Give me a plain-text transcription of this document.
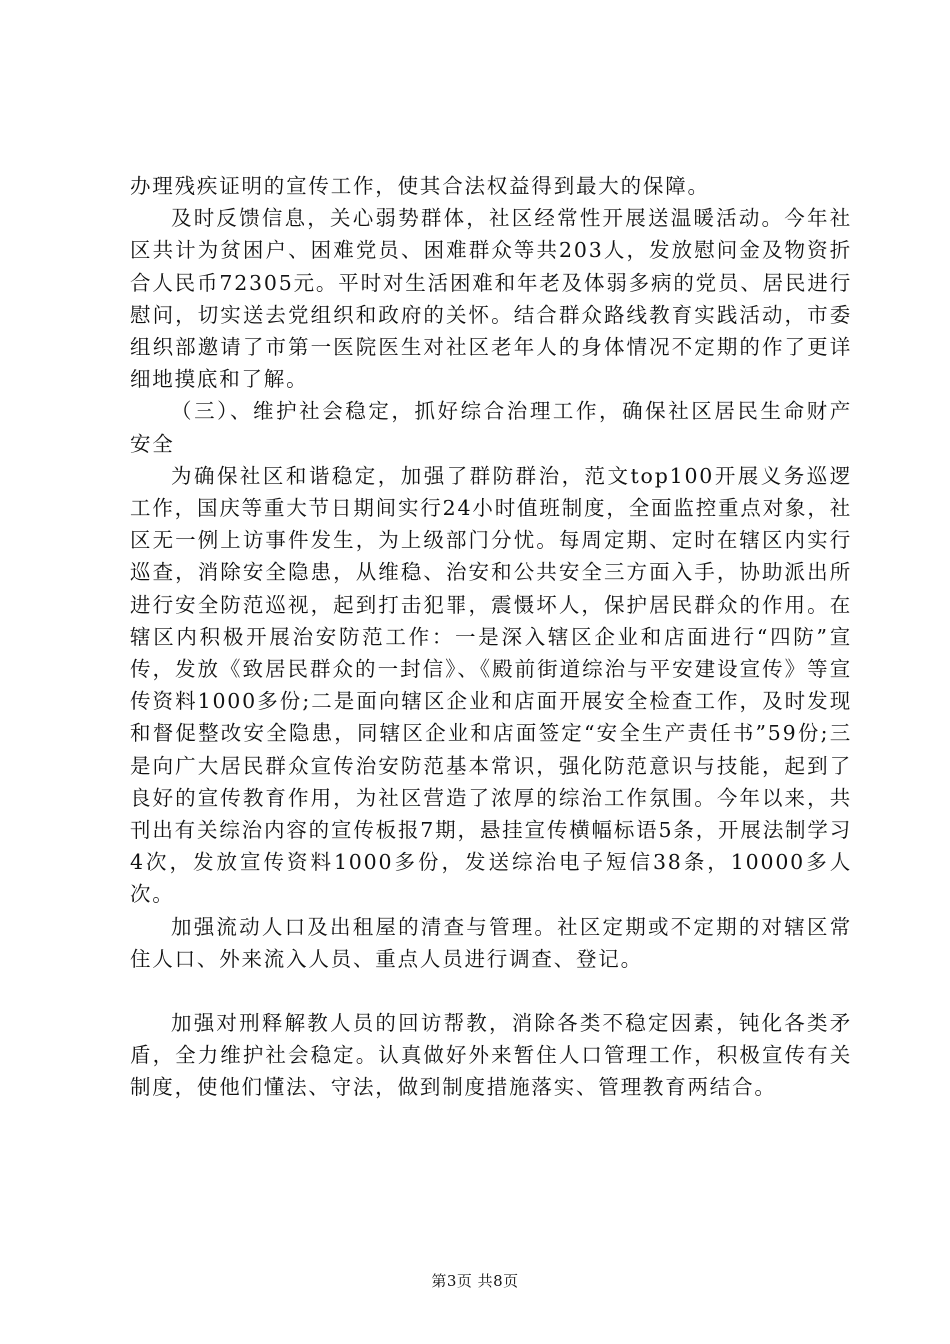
办理残疾证明的宣传工作，使其合法权益得到最大的保障。

及时反馈信息，关心弱势群体，社区经常性开展送温暖活动。今年社区共计为贫困户、困难党员、困难群众等共203人，发放慰问金及物资折合人民币72305元。平时对生活困难和年老及体弱多病的党员、居民进行慰问，切实送去党组织和政府的关怀。结合群众路线教育实践活动，市委组织部邀请了市第一医院医生对社区老年人的身体情况不定期的作了更详细地摸底和了解。

（三）、维护社会稳定，抓好综合治理工作，确保社区居民生命财产安全

为确保社区和谐稳定，加强了群防群治，范文top100开展义务巡逻工作，国庆等重大节日期间实行24小时值班制度，全面监控重点对象，社区无一例上访事件发生，为上级部门分忧。每周定期、定时在辖区内实行巡查，消除安全隐患，从维稳、治安和公共安全三方面入手，协助派出所进行安全防范巡视，起到打击犯罪，震慑坏人，保护居民群众的作用。在辖区内积极开展治安防范工作：一是深入辖区企业和店面进行“四防”宣传，发放《致居民群众的一封信》、《殿前街道综治与平安建设宣传》等宣传资料1000多份;二是面向辖区企业和店面开展安全检查工作，及时发现和督促整改安全隐患，同辖区企业和店面签定“安全生产责任书”59份;三是向广大居民群众宣传治安防范基本常识，强化防范意识与技能，起到了良好的宣传教育作用，为社区营造了浓厚的综治工作氛围。今年以来，共刊出有关综治内容的宣传板报7期，悬挂宣传横幅标语5条，开展法制学习4次，发放宣传资料1000多份，发送综治电子短信38条，10000多人次。

加强流动人口及出租屋的清查与管理。社区定期或不定期的对辖区常住人口、外来流入人员、重点人员进行调查、登记。

加强对刑释解教人员的回访帮教，消除各类不稳定因素，钝化各类矛盾，全力维护社会稳定。认真做好外来暂住人口管理工作，积极宣传有关制度，使他们懂法、守法，做到制度措施落实、管理教育两结合。

第3页 共8页
